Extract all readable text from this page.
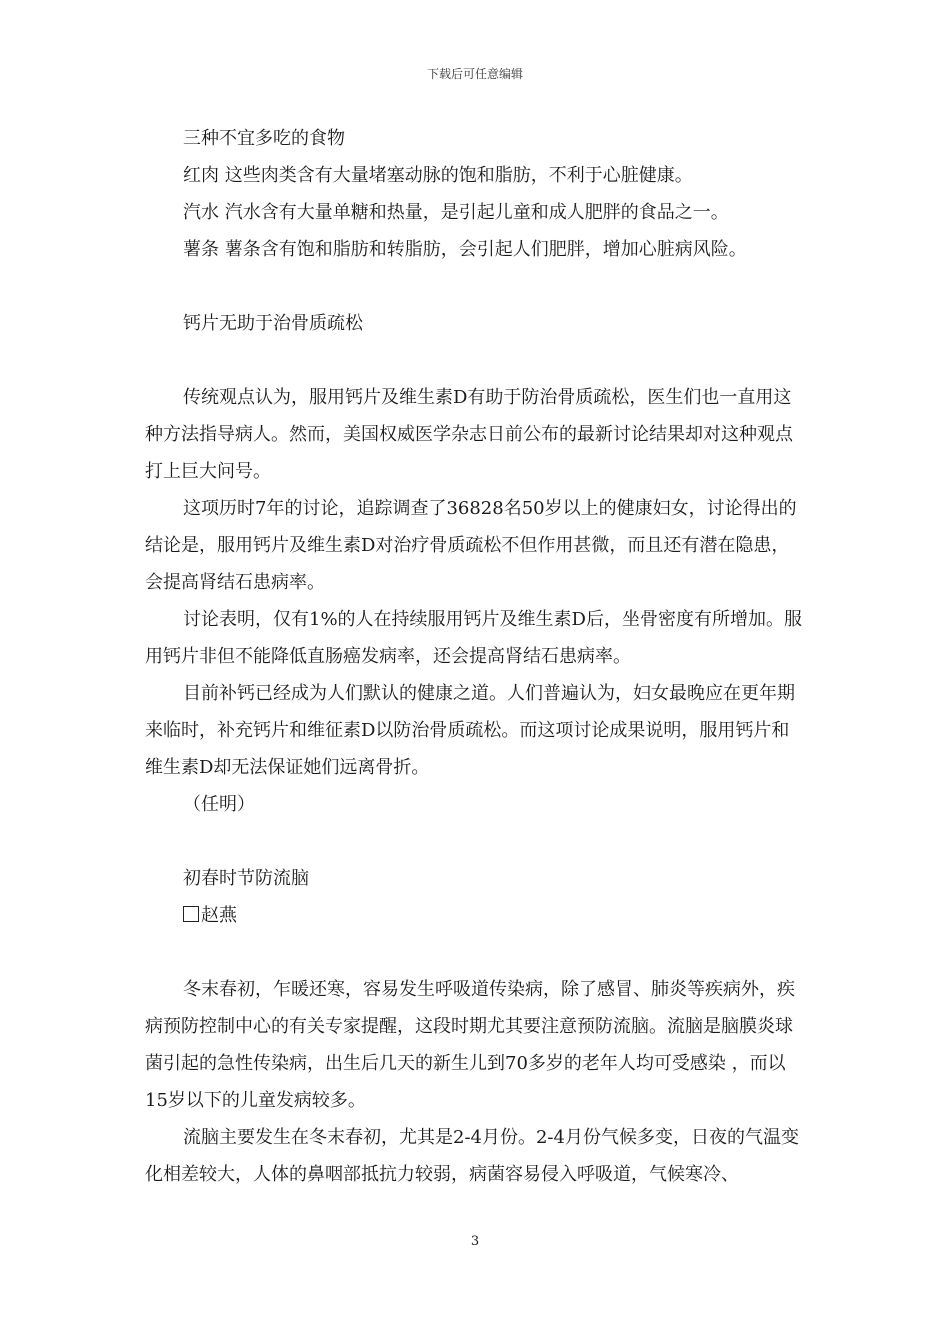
下载后可任意编辑

三种不宜多吃的食物

红肉 这些肉类含有大量堵塞动脉的饱和脂肪，不利于心脏健康。

汽水 汽水含有大量单糖和热量，是引起儿童和成人肥胖的食品之一。

薯条 薯条含有饱和脂肪和转脂肪，会引起人们肥胖，增加心脏病风险。

钙片无助于治骨质疏松

传统观点认为，服用钙片及维生素D有助于防治骨质疏松，医生们也一直用这种方法指导病人。然而，美国权威医学杂志日前公布的最新讨论结果却对这种观点打上巨大问号。

这项历时7年的讨论，追踪调查了36828名50岁以上的健康妇女，讨论得出的结论是，服用钙片及维生素D对治疗骨质疏松不但作用甚微，而且还有潜在隐患，会提高肾结石患病率。

讨论表明，仅有1%的人在持续服用钙片及维生素D后，坐骨密度有所增加。服用钙片非但不能降低直肠癌发病率，还会提高肾结石患病率。

目前补钙已经成为人们默认的健康之道。人们普遍认为，妇女最晚应在更年期来临时，补充钙片和维征素D以防治骨质疏松。而这项讨论成果说明，服用钙片和维生素D却无法保证她们远离骨折。

（任明）

初春时节防流脑

赵燕

冬末春初，乍暖还寒，容易发生呼吸道传染病，除了感冒、肺炎等疾病外，疾病预防控制中心的有关专家提醒，这段时期尤其要注意预防流脑。流脑是脑膜炎球菌引起的急性传染病，出生后几天的新生儿到70多岁的老年人均可受感染 ，而以15岁以下的儿童发病较多。

流脑主要发生在冬末春初，尤其是2-4月份。2-4月份气候多变，日夜的气温变化相差较大，人体的鼻咽部抵抗力较弱，病菌容易侵入呼吸道，气候寒冷、

3
